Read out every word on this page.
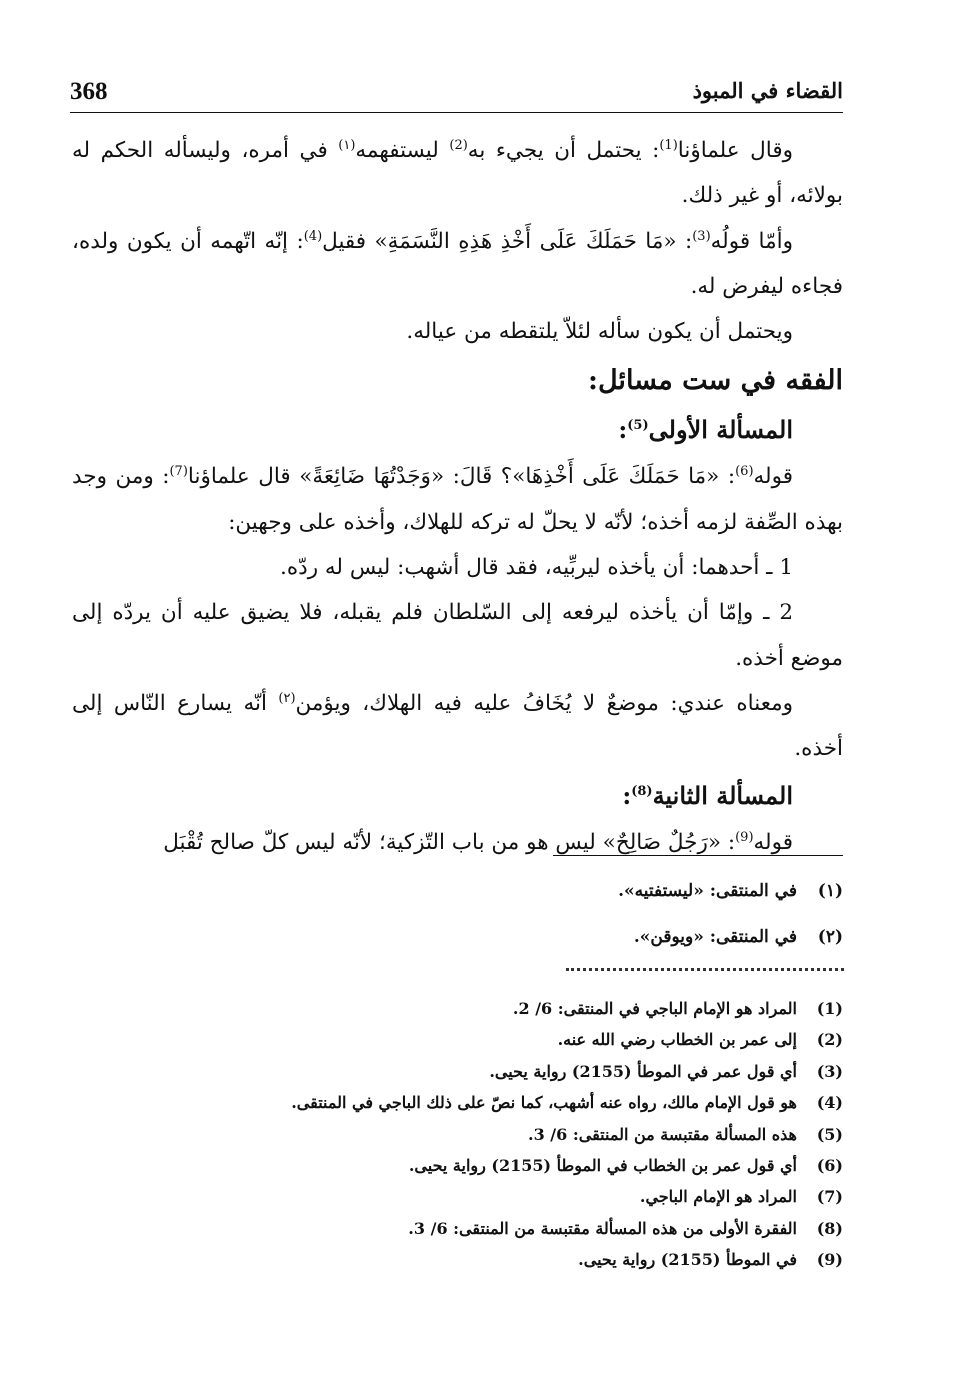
368	القضاء في المبوذ

وقال علماؤنا$^{(1)}$: يحتمل أن يجيء به$^{(2)}$ ليستفهمه$^{(١)}$ في أمره، وليسأله الحكم له بولائه، أو غير ذلك.

وأمّا قولُه$^{(3)}$: «مَا حَمَلَكَ عَلَى أَخْذِ هَذِهِ النَّسَمَةِ» فقيل$^{(4)}$: إنّه اتّهمه أن يكون ولده، فجاءه ليفرض له.

ويحتمل أن يكون سأله لئلاّ يلتقطه من عياله.

الفقه في ست مسائل:
المسألة الأولى$^{(5)}$:

قوله$^{(6)}$: «مَا حَمَلَكَ عَلَى أَخْذِهَا»؟ قَالَ: «وَجَدْتُهَا ضَائِعَةً» قال علماؤنا$^{(7)}$: ومن وجد بهذه الصِّفة لزمه أخذه؛ لأنّه لا يحلّ له تركه للهلاك، وأخذه على وجهين:

1 ـ أحدهما: أن يأخذه ليربِّيه، فقد قال أشهب: ليس له ردّه.

2 ـ وإمّا أن يأخذه ليرفعه إلى السّلطان فلم يقبله، فلا يضيق عليه أن يردّه إلى موضع أخذه.

ومعناه عندي: موضعٌ لا يُخَافُ عليه فيه الهلاك، ويؤمن$^{(٢)}$ أنّه يسارع النّاس إلى أخذه.

المسألة الثانية$^{(8)}$:

قوله$^{(9)}$: «رَجُلٌ صَالِحٌ» ليس هو من باب التّزكية؛ لأنّه ليس كلّ صالح تُقْبَل

(١)
في المنتقى: «ليستفتيه».
(٢)
في المنتقى: «ويوقن».
(1)
المراد هو الإمام الباجي في المنتقى: 6/ 2.
(2)
إلى عمر بن الخطاب رضي الله عنه.
(3)
أي قول عمر في الموطأ (2155) رواية يحيى.
(4)
هو قول الإمام مالك، رواه عنه أشهب، كما نصّ على ذلك الباجي في المنتقى.
(5)
هذه المسألة مقتبسة من المنتقى: 6/ 3.
(6)
أي قول عمر بن الخطاب في الموطأ (2155) رواية يحيى.
(7)
المراد هو الإمام الباجي.
(8)
الفقرة الأولى من هذه المسألة مقتبسة من المنتقى: 6/ 3.
(9)
في الموطأ (2155) رواية يحيى.
